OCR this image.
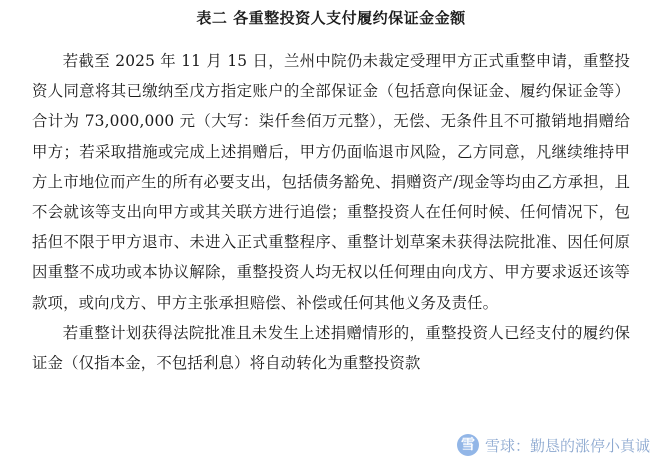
表二 各重整投资人支付履约保证金金额

若截至 2025 年 11 月 15 日，兰州中院仍未裁定受理甲方正式重整申请，重整投资人同意将其已缴纳至戊方指定账户的全部保证金（包括意向保证金、履约保证金等）合计为 73,000,000 元（大写：柒仟叁佰万元整），无偿、无条件且不可撤销地捐赠给甲方；若采取措施或完成上述捐赠后，甲方仍面临退市风险，乙方同意，凡继续维持甲方上市地位而产生的所有必要支出，包括债务豁免、捐赠资产/现金等均由乙方承担，且不会就该等支出向甲方或其关联方进行追偿；重整投资人在任何时候、任何情况下，包括但不限于甲方退市、未进入正式重整程序、重整计划草案未获得法院批准、因任何原因重整不成功或本协议解除，重整投资人均无权以任何理由向戊方、甲方要求返还该等款项，或向戊方、甲方主张承担赔偿、补偿或任何其他义务及责任。

若重整计划获得法院批准且未发生上述捐赠情形的，重整投资人已经支付的履约保证金（仅指本金，不包括利息）将自动转化为重整投资款

雪 雪球：勤恳的涨停小真诚
